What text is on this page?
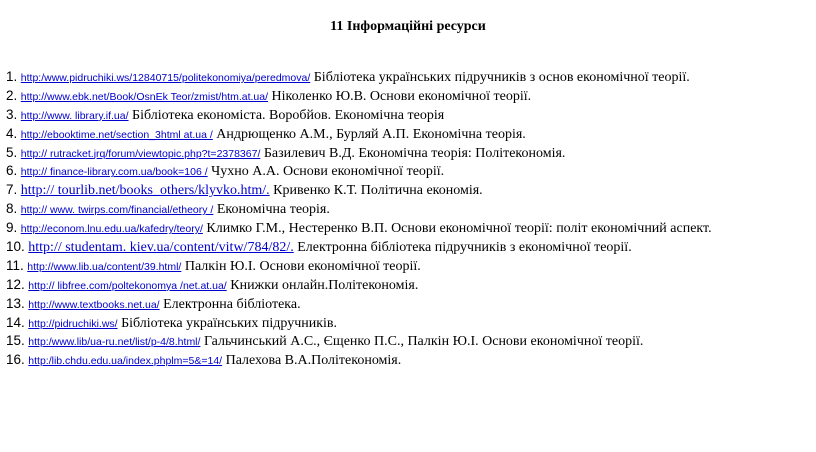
11 Інформаційні ресурси
1. http:/www.pidruchiki.ws/12840715/politekonomiya/peredmova/ Бібліотека українських підручників з основ економічної теорії.
2. http://www.ebk.net/Book/OsnEk Teor/zmist/htm.at.ua/ Ніколенко Ю.В. Основи економічної теорії.
3. http://www. library.if.ua/ Бібліотека економіста. Воробйов. Економічна теорія
4. http://ebooktime.net/section_3html at.ua / Андрющенко А.М., Бурляй А.П. Економічна теорія.
5. http:// rutracket.jrq/forum/viewtopic.php?t=2378367/ Базилевич В.Д. Економічна теорія: Політекономія.
6. http:// finance-library.com.ua/book=106 / Чухно А.А. Основи економічної теорії.
7. http:// tourlib.net/books_others/klyvko.htm/. Кривенко К.Т. Політична економія.
8. http:// www. twirps.com/financial/etheory / Економічна теорія.
9. http://econom.lnu.edu.ua/kafedry/teory/ Климко Г.М., Нестеренко В.П. Основи економічної теорії: політ економічний аспект.
10. http:// studentam. kiev.ua/content/vitw/784/82/. Електронна бібліотека підручників з економічної теорії.
11. http://www.lib.ua/content/39.html/ Палкін Ю.І. Основи економічної теорії.
12. http:// libfree.com/poltekonomya /net.at.ua/ Книжки онлайн.Політекономія.
13. http://www.textbooks.net.ua/ Електронна бібліотека.
14. http://pidruchiki.ws/ Бібліотека українських підручників.
15. http:/www.lib/ua-ru.net/list/p-4/8.html/ Гальчинський А.С., Єщенко П.С., Палкін Ю.І. Основи економічної теорії.
16. http:/lib.chdu.edu.ua/index.phplm=5&=14/ Палехова В.А.Політекономія.
